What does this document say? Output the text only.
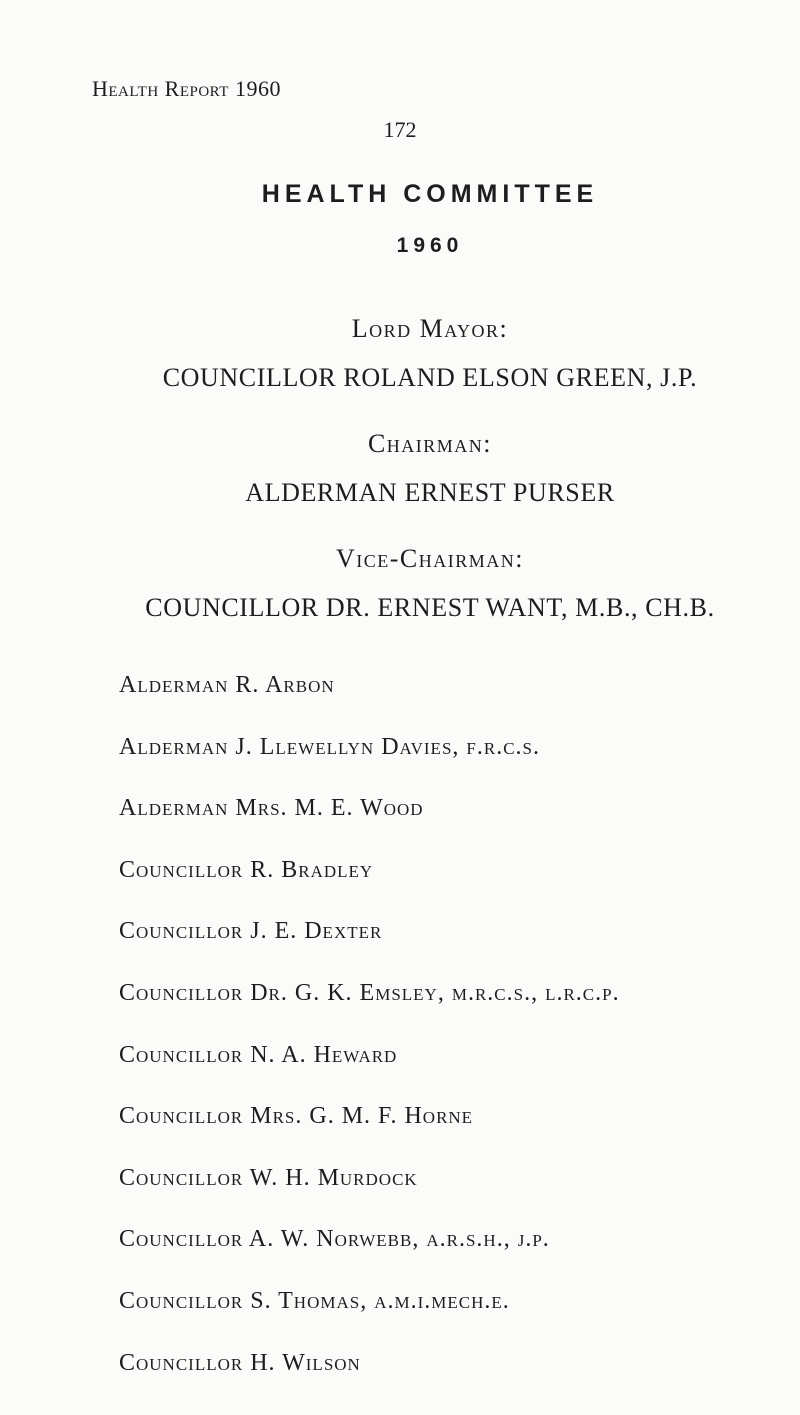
Health Report 1960
172
HEALTH COMMITTEE
1960
Lord Mayor:
COUNCILLOR ROLAND ELSON GREEN, J.P.
Chairman:
ALDERMAN ERNEST PURSER
Vice-Chairman:
COUNCILLOR DR. ERNEST WANT, M.B., CH.B.
Alderman R. Arbon
Alderman J. Llewellyn Davies, f.r.c.s.
Alderman Mrs. M. E. Wood
Councillor R. Bradley
Councillor J. E. Dexter
Councillor Dr. G. K. Emsley, m.r.c.s., l.r.c.p.
Councillor N. A. Heward
Councillor Mrs. G. M. F. Horne
Councillor W. H. Murdock
Councillor A. W. Norwebb, a.r.s.h., j.p.
Councillor S. Thomas, a.m.i.mech.e.
Councillor H. Wilson
